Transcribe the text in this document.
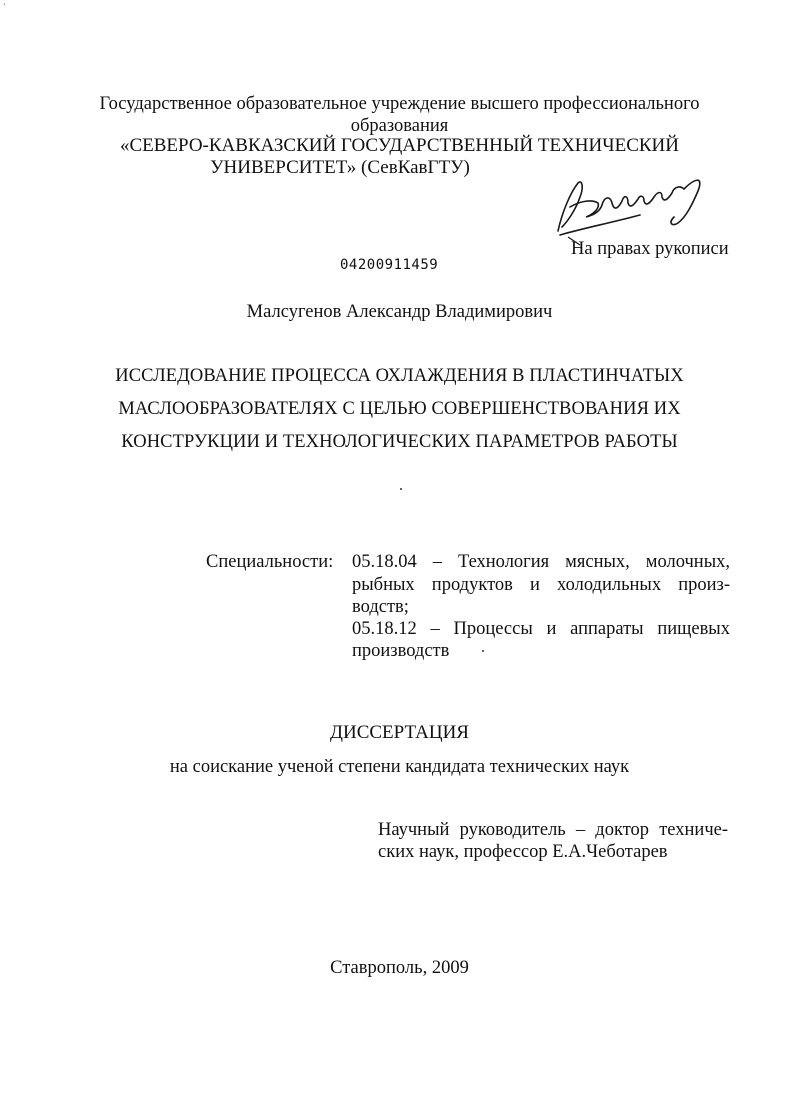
'
Государственное образовательное учреждение высшего профессионального
образования
«СЕВЕРО-КАВКАЗСКИЙ ГОСУДАРСТВЕННЫЙ ТЕХНИЧЕСКИЙ
УНИВЕРСИТЕТ» (СевКавГТУ)
На правах рукописи
04200911459
Малсугенов Александр Владимирович
ИССЛЕДОВАНИЕ ПРОЦЕССА ОХЛАЖДЕНИЯ В ПЛАСТИНЧАТЫХ
МАСЛООБРАЗОВАТЕЛЯХ С ЦЕЛЬЮ СОВЕРШЕНСТВОВАНИЯ ИХ
КОНСТРУКЦИИ И ТЕХНОЛОГИЧЕСКИХ ПАРАМЕТРОВ РАБОТЫ
Специальности: 05.18.04 – Технология мясных, молочных,
рыбных продуктов и холодильных произ-
водств;
05.18.12 – Процессы и аппараты пищевых
производств
ДИССЕРТАЦИЯ
на соискание ученой степени кандидата технических наук
Научный руководитель – доктор техниче-
ских наук, профессор Е.А.Чеботарев
Ставрополь, 2009
